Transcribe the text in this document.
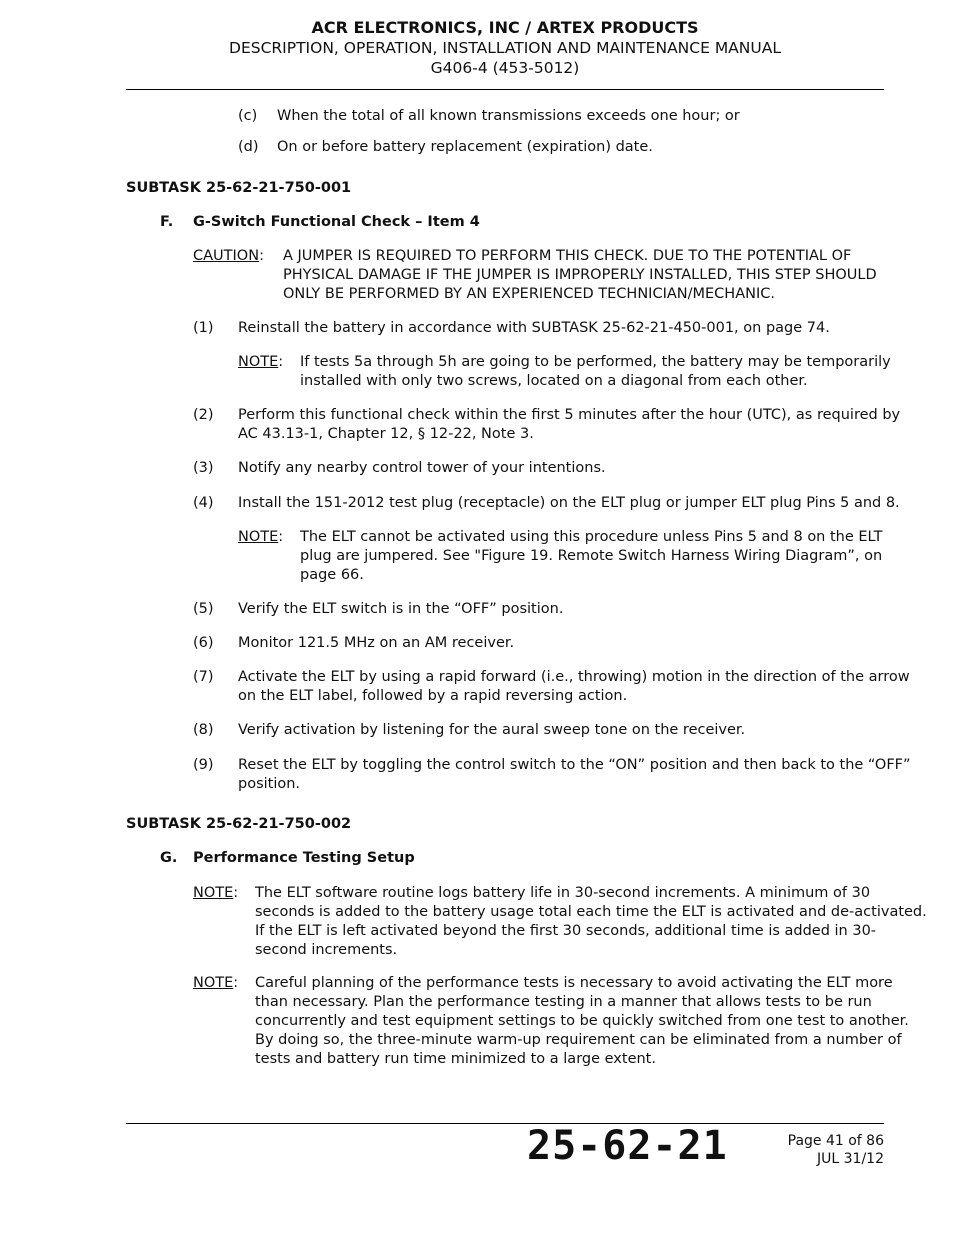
ACR ELECTRONICS, INC / ARTEX PRODUCTS
DESCRIPTION, OPERATION, INSTALLATION AND MAINTENANCE MANUAL
G406-4 (453-5012)
(c) When the total of all known transmissions exceeds one hour; or
(d) On or before battery replacement (expiration) date.
SUBTASK 25-62-21-750-001
F. G-Switch Functional Check – Item 4
CAUTION: A JUMPER IS REQUIRED TO PERFORM THIS CHECK. DUE TO THE POTENTIAL OF
PHYSICAL DAMAGE IF THE JUMPER IS IMPROPERLY INSTALLED, THIS STEP SHOULD
ONLY BE PERFORMED BY AN EXPERIENCED TECHNICIAN/MECHANIC.
(1) Reinstall the battery in accordance with SUBTASK 25-62-21-450-001, on page 74.
NOTE: If tests 5a through 5h are going to be performed, the battery may be temporarily
installed with only two screws, located on a diagonal from each other.
(2) Perform this functional check within the first 5 minutes after the hour (UTC), as required by
AC 43.13-1, Chapter 12, § 12-22, Note 3.
(3) Notify any nearby control tower of your intentions.
(4) Install the 151-2012 test plug (receptacle) on the ELT plug or jumper ELT plug Pins 5 and 8.
NOTE: The ELT cannot be activated using this procedure unless Pins 5 and 8 on the ELT
plug are jumpered. See "Figure 19. Remote Switch Harness Wiring Diagram”, on
page 66.
(5) Verify the ELT switch is in the “OFF” position.
(6) Monitor 121.5 MHz on an AM receiver.
(7) Activate the ELT by using a rapid forward (i.e., throwing) motion in the direction of the arrow
on the ELT label, followed by a rapid reversing action.
(8) Verify activation by listening for the aural sweep tone on the receiver.
(9) Reset the ELT by toggling the control switch to the “ON” position and then back to the “OFF”
position.
SUBTASK 25-62-21-750-002
G. Performance Testing Setup
NOTE: The ELT software routine logs battery life in 30-second increments. A minimum of 30
seconds is added to the battery usage total each time the ELT is activated and de-activated.
If the ELT is left activated beyond the first 30 seconds, additional time is added in 30-
second increments.
NOTE: Careful planning of the performance tests is necessary to avoid activating the ELT more
than necessary. Plan the performance testing in a manner that allows tests to be run
concurrently and test equipment settings to be quickly switched from one test to another.
By doing so, the three-minute warm-up requirement can be eliminated from a number of
tests and battery run time minimized to a large extent.
25-62-21	Page 41 of 86
JUL 31/12
